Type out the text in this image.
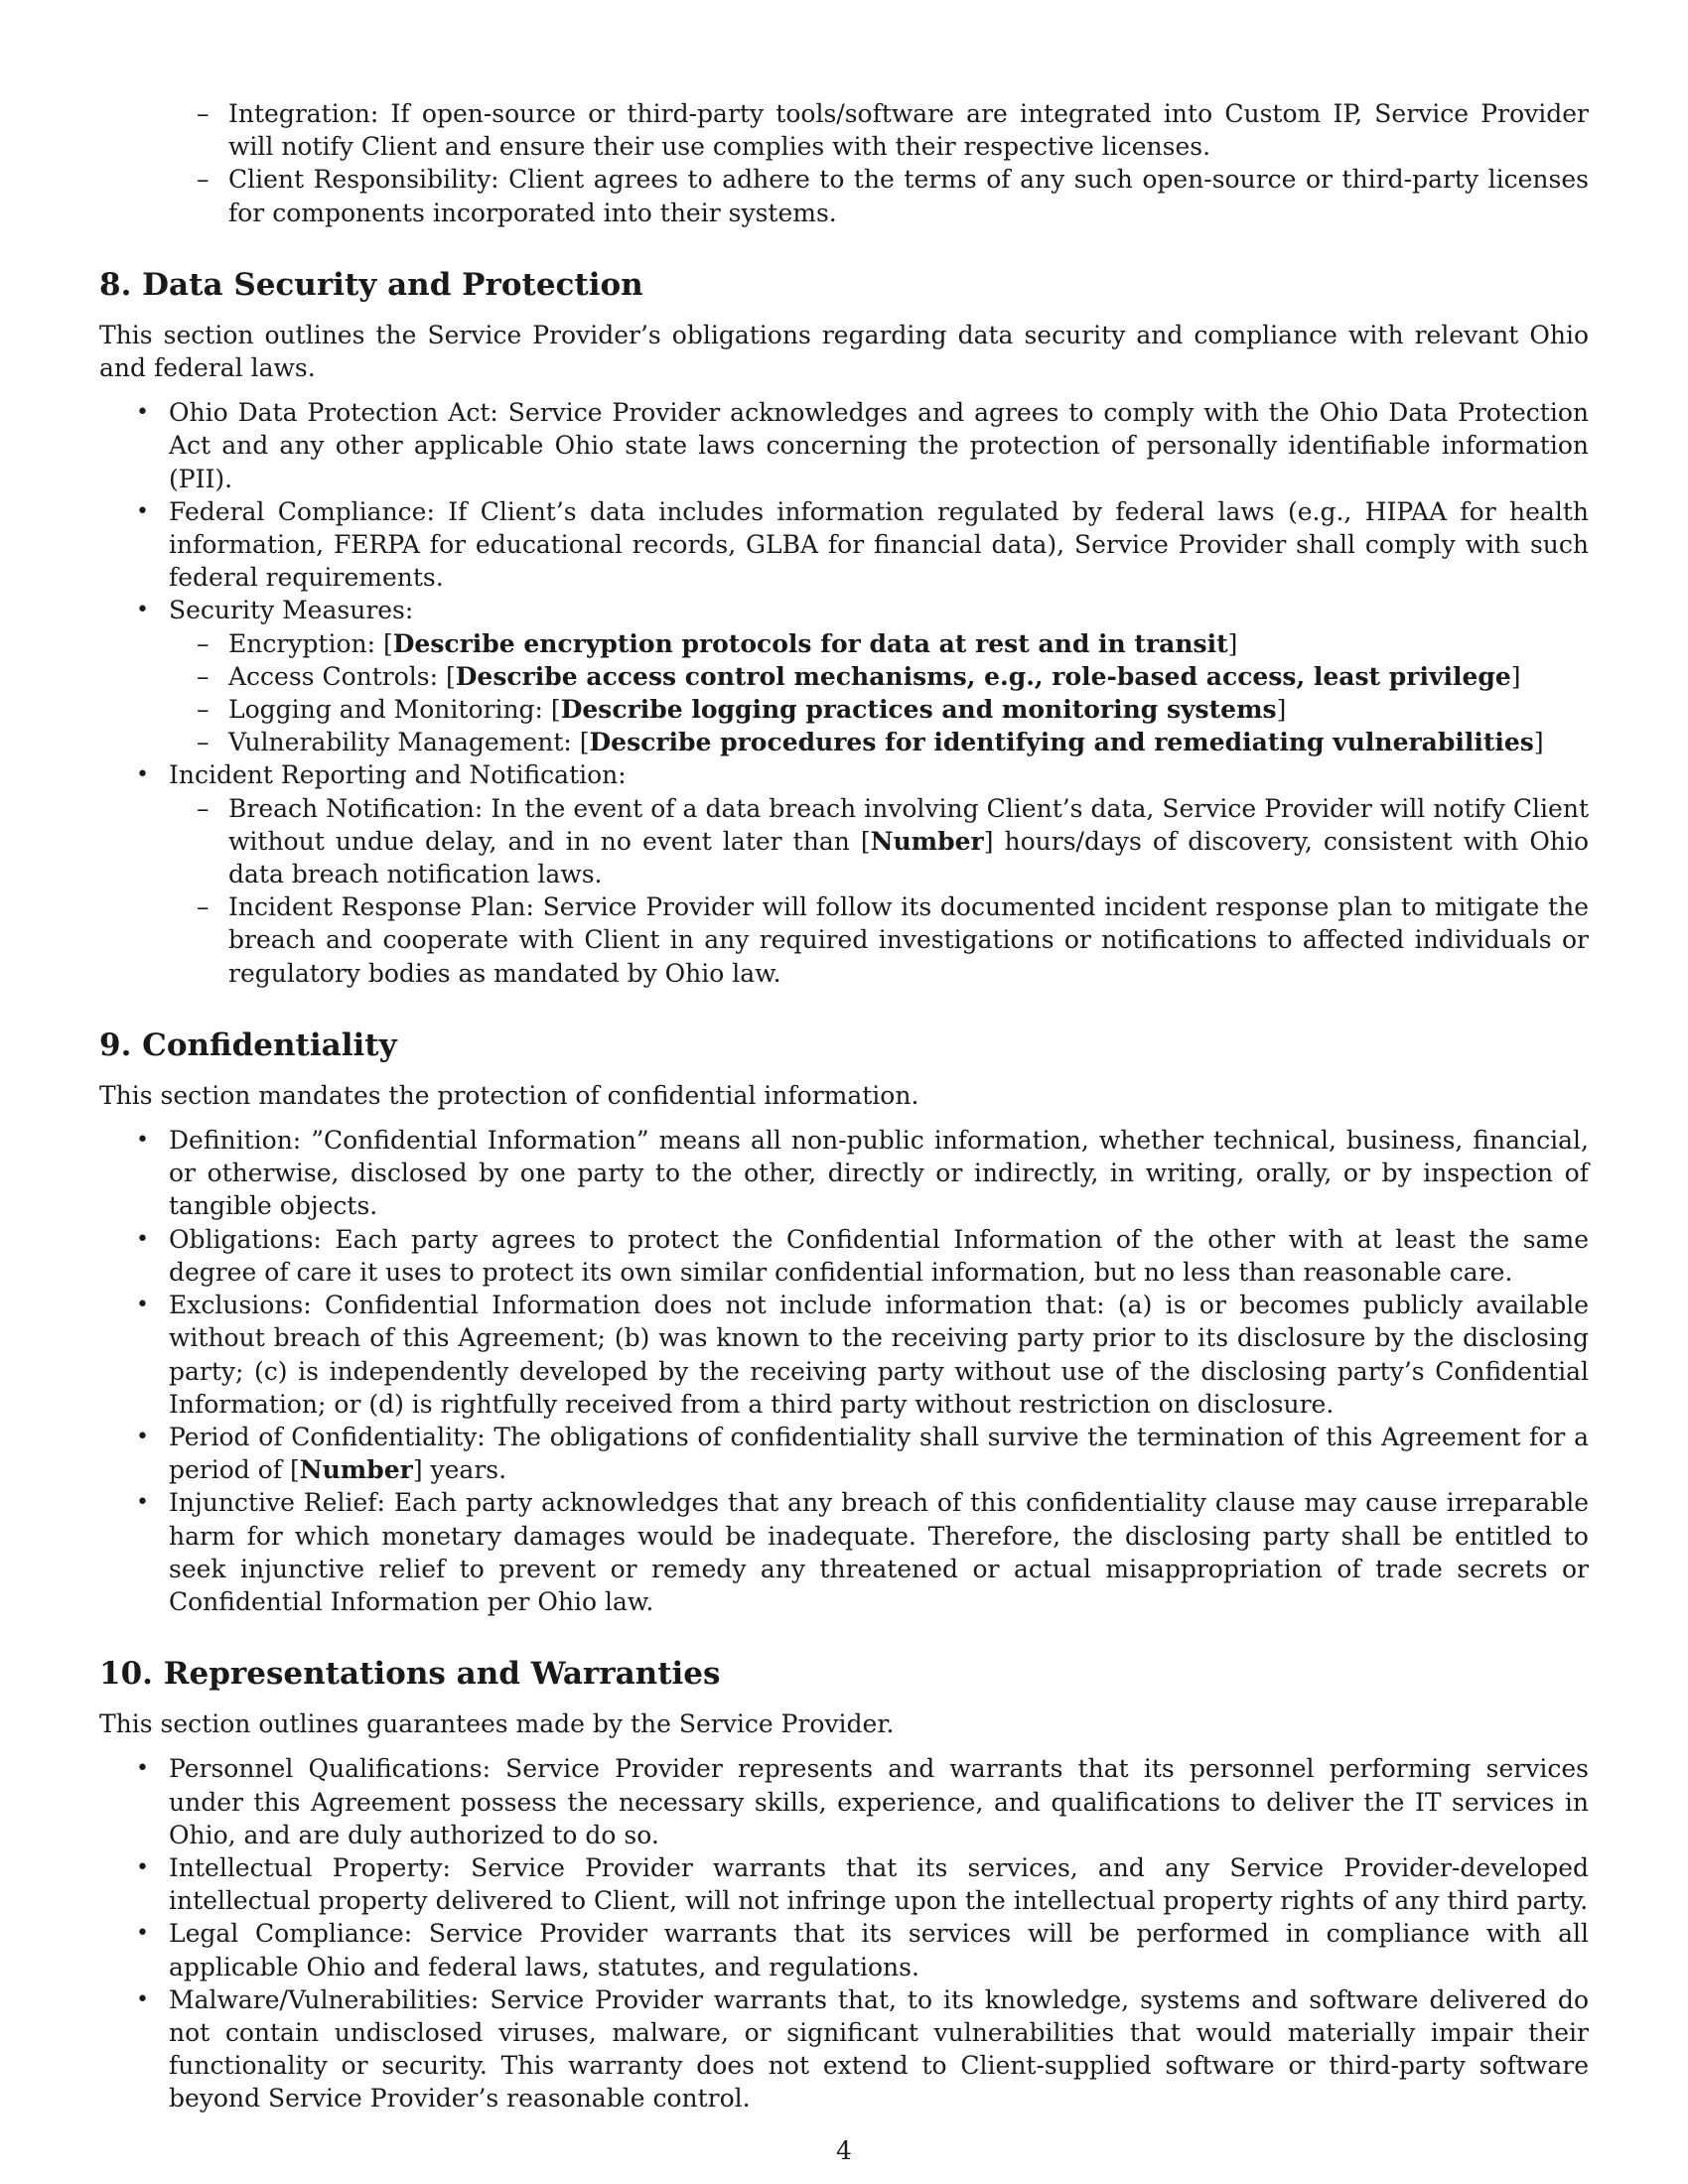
– Integration: If open-source or third-party tools/software are integrated into Custom IP, Service Provider will notify Client and ensure their use complies with their respective licenses.
– Client Responsibility: Client agrees to adhere to the terms of any such open-source or third-party licenses for components incorporated into their systems.
8. Data Security and Protection
This section outlines the Service Provider’s obligations regarding data security and compliance with relevant Ohio and federal laws.
• Ohio Data Protection Act: Service Provider acknowledges and agrees to comply with the Ohio Data Protection Act and any other applicable Ohio state laws concerning the protection of personally identifiable information (PII).
• Federal Compliance: If Client’s data includes information regulated by federal laws (e.g., HIPAA for health information, FERPA for educational records, GLBA for financial data), Service Provider shall comply with such federal requirements.
• Security Measures:
– Encryption: [Describe encryption protocols for data at rest and in transit]
– Access Controls: [Describe access control mechanisms, e.g., role-based access, least privilege]
– Logging and Monitoring: [Describe logging practices and monitoring systems]
– Vulnerability Management: [Describe procedures for identifying and remediating vulnerabilities]
• Incident Reporting and Notification:
– Breach Notification: In the event of a data breach involving Client’s data, Service Provider will notify Client without undue delay, and in no event later than [Number] hours/days of discovery, consistent with Ohio data breach notification laws.
– Incident Response Plan: Service Provider will follow its documented incident response plan to mitigate the breach and cooperate with Client in any required investigations or notifications to affected individuals or regulatory bodies as mandated by Ohio law.
9. Confidentiality
This section mandates the protection of confidential information.
• Definition: ”Confidential Information” means all non-public information, whether technical, business, financial, or otherwise, disclosed by one party to the other, directly or indirectly, in writing, orally, or by inspection of tangible objects.
• Obligations: Each party agrees to protect the Confidential Information of the other with at least the same degree of care it uses to protect its own similar confidential information, but no less than reasonable care.
• Exclusions: Confidential Information does not include information that: (a) is or becomes publicly available without breach of this Agreement; (b) was known to the receiving party prior to its disclosure by the disclosing party; (c) is independently developed by the receiving party without use of the disclosing party’s Confidential Information; or (d) is rightfully received from a third party without restriction on disclosure.
• Period of Confidentiality: The obligations of confidentiality shall survive the termination of this Agreement for a period of [Number] years.
• Injunctive Relief: Each party acknowledges that any breach of this confidentiality clause may cause irreparable harm for which monetary damages would be inadequate. Therefore, the disclosing party shall be entitled to seek injunctive relief to prevent or remedy any threatened or actual misappropriation of trade secrets or Confidential Information per Ohio law.
10. Representations and Warranties
This section outlines guarantees made by the Service Provider.
• Personnel Qualifications: Service Provider represents and warrants that its personnel performing services under this Agreement possess the necessary skills, experience, and qualifications to deliver the IT services in Ohio, and are duly authorized to do so.
• Intellectual Property: Service Provider warrants that its services, and any Service Provider-developed intellectual property delivered to Client, will not infringe upon the intellectual property rights of any third party.
• Legal Compliance: Service Provider warrants that its services will be performed in compliance with all applicable Ohio and federal laws, statutes, and regulations.
• Malware/Vulnerabilities: Service Provider warrants that, to its knowledge, systems and software delivered do not contain undisclosed viruses, malware, or significant vulnerabilities that would materially impair their functionality or security. This warranty does not extend to Client-supplied software or third-party software beyond Service Provider’s reasonable control.
4
